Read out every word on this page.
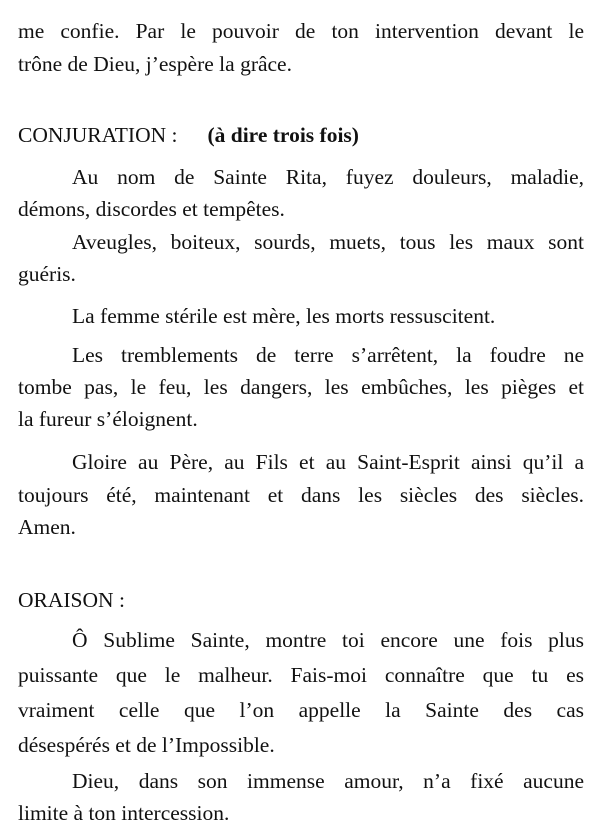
me confie. Par le pouvoir de ton intervention devant le
trône de Dieu, j’espère la grâce.
CONJURATION : (à dire trois fois)
Au nom de Sainte Rita, fuyez douleurs, maladie,
démons, discordes et tempêtes.
Aveugles, boiteux, sourds, muets, tous les maux sont
guéris.
La femme stérile est mère, les morts ressuscitent.
Les tremblements de terre s’arrêtent, la foudre ne
tombe pas, le feu, les dangers, les embûches, les pièges et
la fureur s’éloignent.
Gloire au Père, au Fils et au Saint-Esprit ainsi qu’il a
toujours été, maintenant et dans les siècles des siècles.
Amen.
ORAISON :
Ô Sublime Sainte, montre toi encore une fois plus
puissante que le malheur. Fais-moi connaître que tu es
vraiment celle que l’on appelle la Sainte des cas
désespérés et de l’Impossible.
Dieu, dans son immense amour, n’a fixé aucune
limite à ton intercession.
